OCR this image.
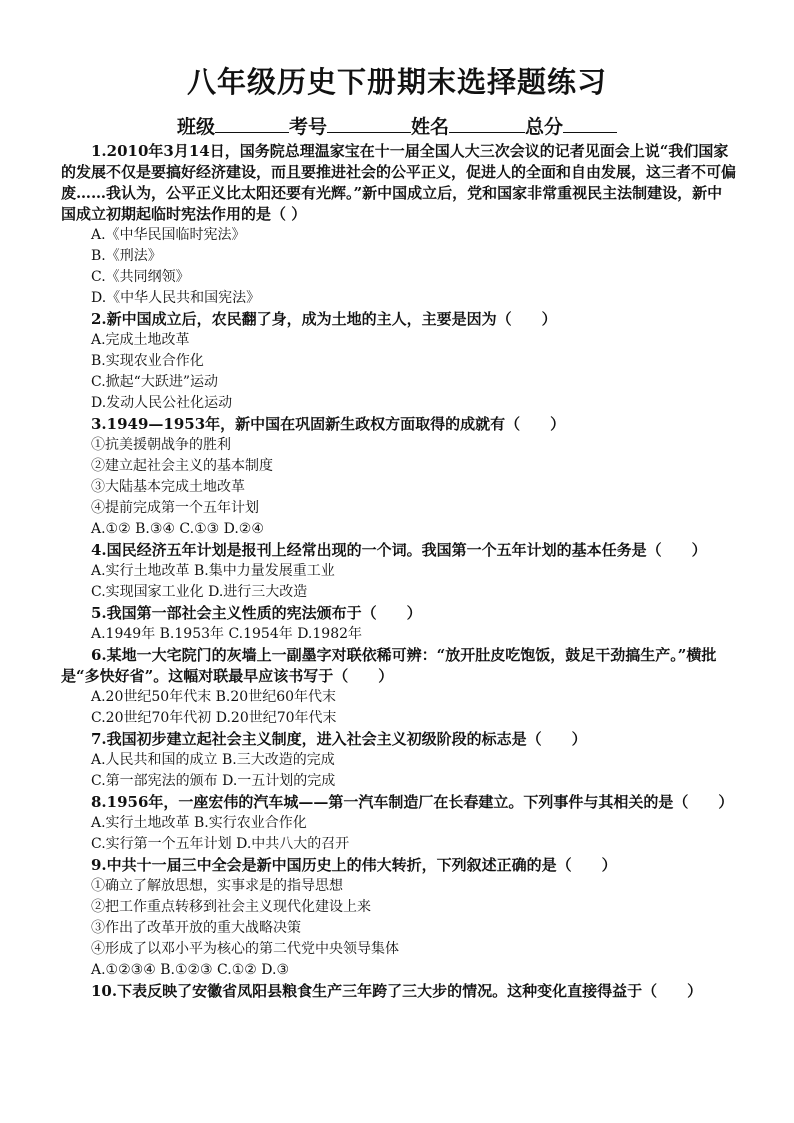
八年级历史下册期末选择题练习
班级	考号	姓名	总分

1.2010年3月14日，国务院总理温家宝在十一届全国人大三次会议的记者见面会上说“我们国家的发展不仅是要搞好经济建设，而且要推进社会的公平正义，促进人的全面和自由发展，这三者不可偏废……我认为，公平正义比太阳还要有光辉。”新中国成立后，党和国家非常重视民主法制建设，新中国成立初期起临时宪法作用的是（ ）

A.《中华民国临时宪法》

B.《刑法》

C.《共同纲领》

D.《中华人民共和国宪法》

2.新中国成立后，农民翻了身，成为土地的主人，主要是因为（　　）

A.完成土地改革

B.实现农业合作化

C.掀起“大跃进”运动

D.发动人民公社化运动

3.1949—1953年，新中国在巩固新生政权方面取得的成就有（　　）

①抗美援朝战争的胜利

②建立起社会主义的基本制度

③大陆基本完成土地改革

④提前完成第一个五年计划

A.①② B.③④ C.①③ D.②④

4.国民经济五年计划是报刊上经常出现的一个词。我国第一个五年计划的基本任务是（　　）

A.实行土地改革 B.集中力量发展重工业

C.实现国家工业化 D.进行三大改造

5.我国第一部社会主义性质的宪法颁布于（　　）

A.1949年 B.1953年 C.1954年 D.1982年

6.某地一大宅院门的灰墙上一副墨字对联依稀可辨：“放开肚皮吃饱饭，鼓足干劲搞生产。”横批是“多快好省”。这幅对联最早应该书写于（　　）

A.20世纪50年代末 B.20世纪60年代末

C.20世纪70年代初 D.20世纪70年代末

7.我国初步建立起社会主义制度，进入社会主义初级阶段的标志是（　　）

A.人民共和国的成立 B.三大改造的完成

C.第一部宪法的颁布 D.一五计划的完成

8.1956年，一座宏伟的汽车城——第一汽车制造厂在长春建立。下列事件与其相关的是（　　）

A.实行土地改革 B.实行农业合作化

C.实行第一个五年计划 D.中共八大的召开

9.中共十一届三中全会是新中国历史上的伟大转折，下列叙述正确的是（　　）

①确立了解放思想，实事求是的指导思想

②把工作重点转移到社会主义现代化建设上来

③作出了改革开放的重大战略决策

④形成了以邓小平为核心的第二代党中央领导集体

A.①②③④ B.①②③ C.①② D.③

10.下表反映了安徽省凤阳县粮食生产三年跨了三大步的情况。这种变化直接得益于（　　）
